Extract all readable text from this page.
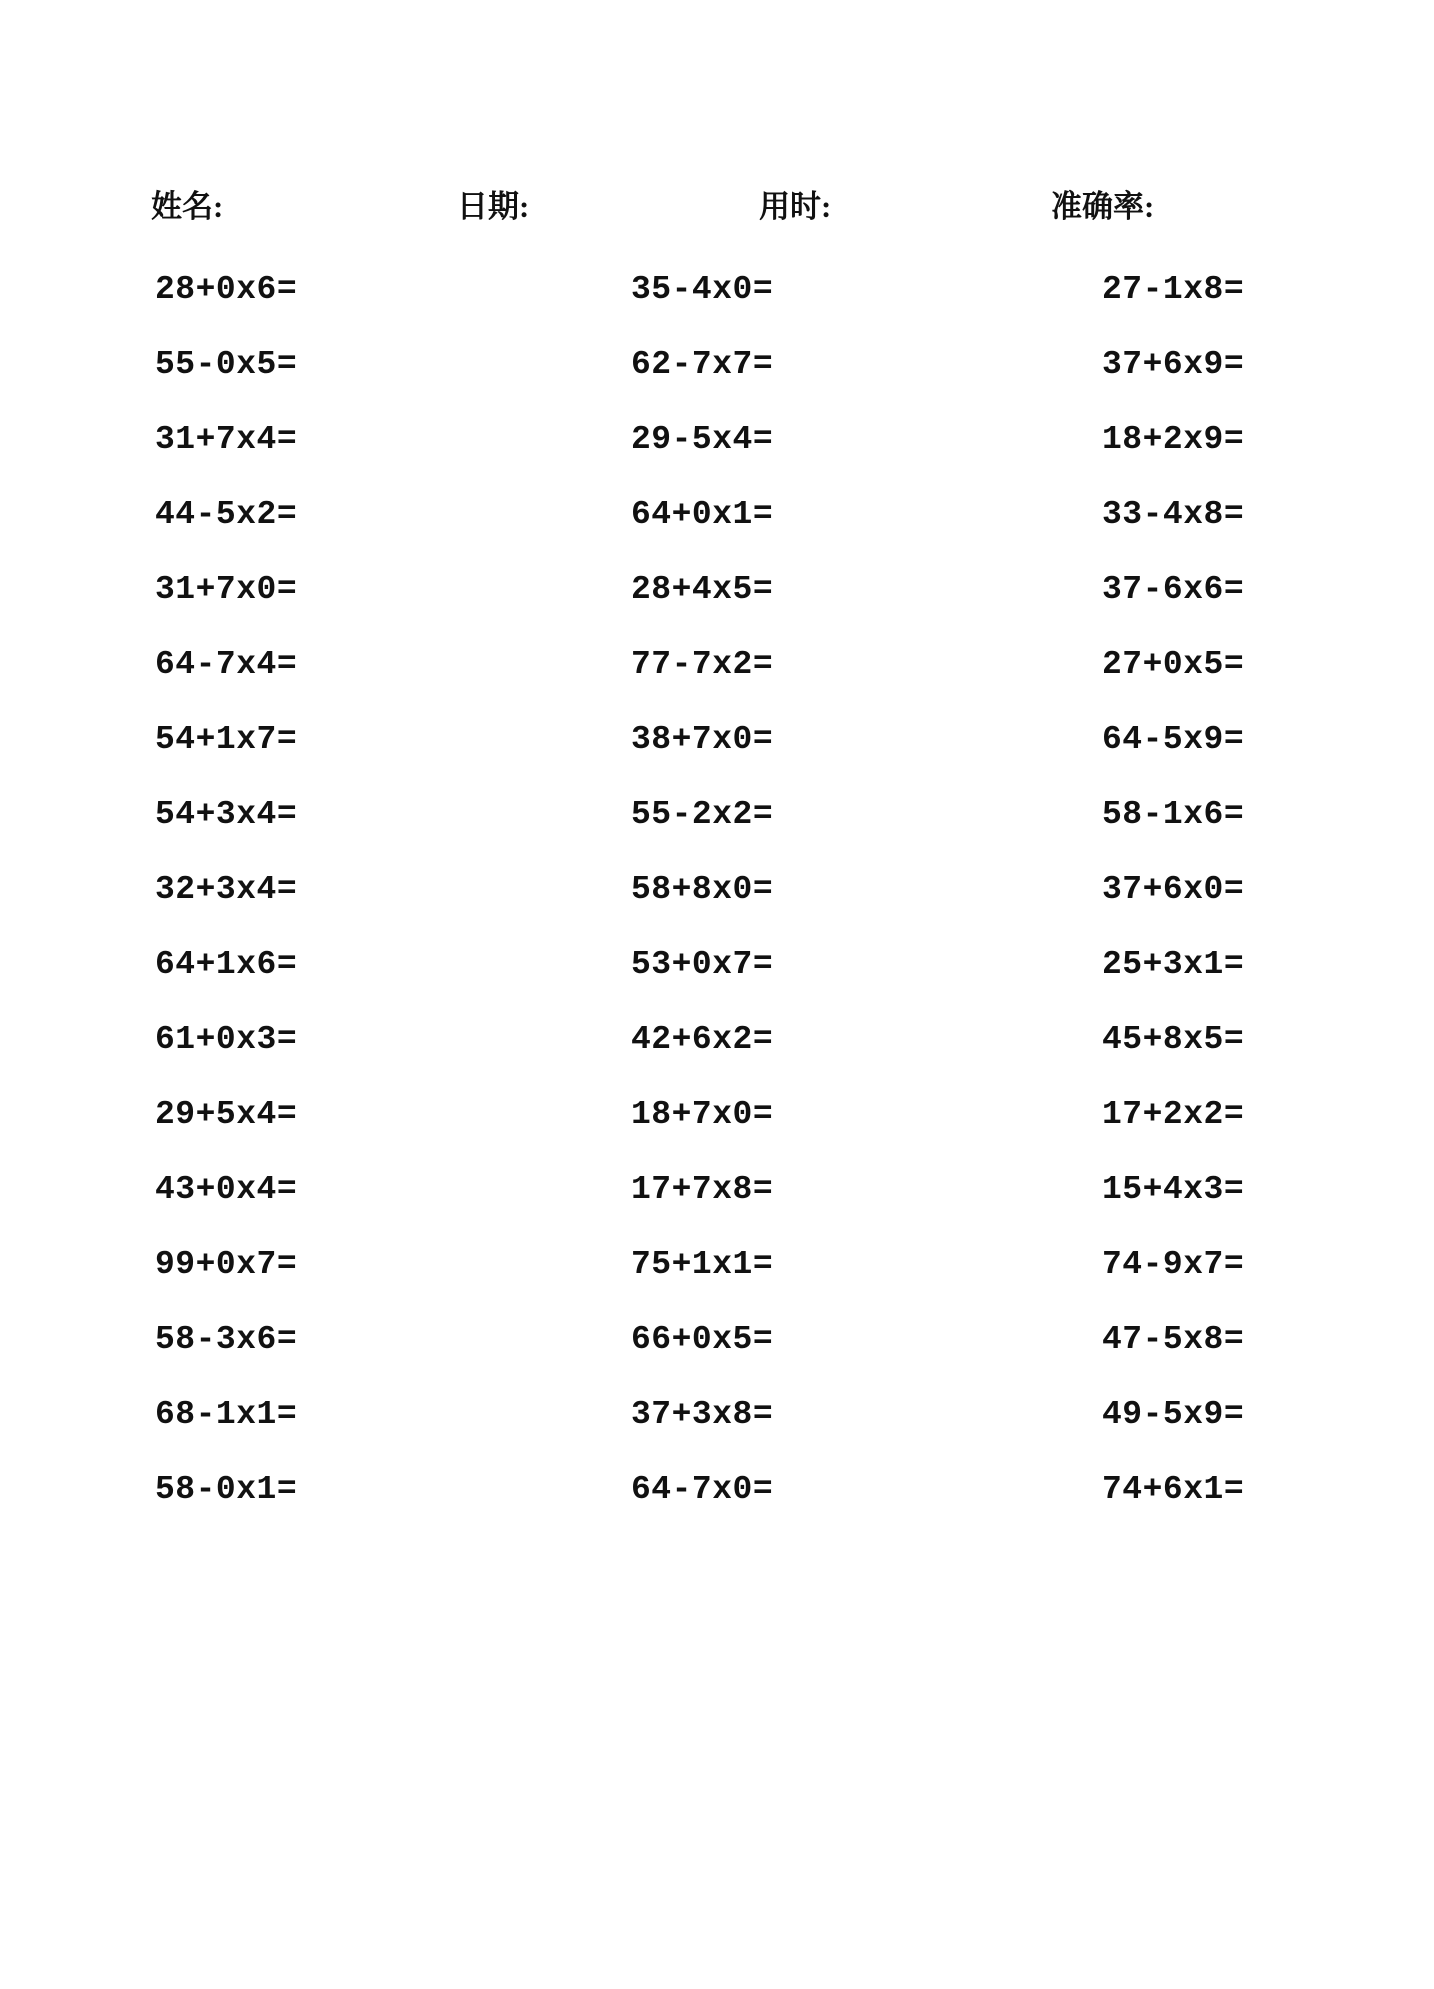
姓名:	日期:	用时:	准确率:
28+0x6=	35-4x0=	27-1x8=
55-0x5=	62-7x7=	37+6x9=
31+7x4=	29-5x4=	18+2x9=
44-5x2=	64+0x1=	33-4x8=
31+7x0=	28+4x5=	37-6x6=
64-7x4=	77-7x2=	27+0x5=
54+1x7=	38+7x0=	64-5x9=
54+3x4=	55-2x2=	58-1x6=
32+3x4=	58+8x0=	37+6x0=
64+1x6=	53+0x7=	25+3x1=
61+0x3=	42+6x2=	45+8x5=
29+5x4=	18+7x0=	17+2x2=
43+0x4=	17+7x8=	15+4x3=
99+0x7=	75+1x1=	74-9x7=
58-3x6=	66+0x5=	47-5x8=
68-1x1=	37+3x8=	49-5x9=
58-0x1=	64-7x0=	74+6x1=
